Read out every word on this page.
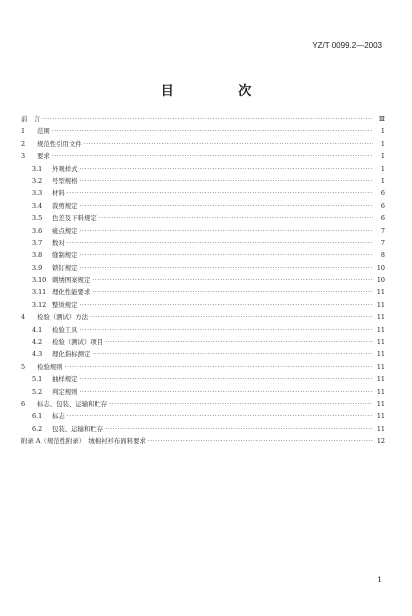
YZ/T 0099.2—2003
目 次
前　言 ·····	Ⅲ
1	范围 ·····	1
2	规范性引用文件 ·····	1
3	要求 ·····	1
3.1	外观样式 ·····	1
3.2	号型规格 ·····	1
3.3	材料 ·····	6
3.4	裁剪规定 ·····	6
3.5	色差及下料规定 ·····	6
3.6	疵点规定 ·····	7
3.7	数对 ·····	7
3.8	缝制规定 ·····	8
3.9	锁钉规定 ·····	10
3.10 刺绣图案规定 ·····	10
3.11 理化性能要求 ·····	11
3.12 整烫规定 ·····	11
4	检验（测试）方法 ·····	11
4.1	检验工具 ·····	11
4.2	检验（测试）项目 ·····	11
4.3	理化指标测定 ·····	11
5	检验规则 ·····	11
5.1	抽样规定 ·····	11
5.2	判定规则 ·····	11
6	标志、包装、运输和贮存 ·····	11
6.1	标志 ·····	11
6.2	包装、运输和贮存 ·····	11
附录 A（规范性附录）　绒棉衬衫布面料要求 ·····	12
1
